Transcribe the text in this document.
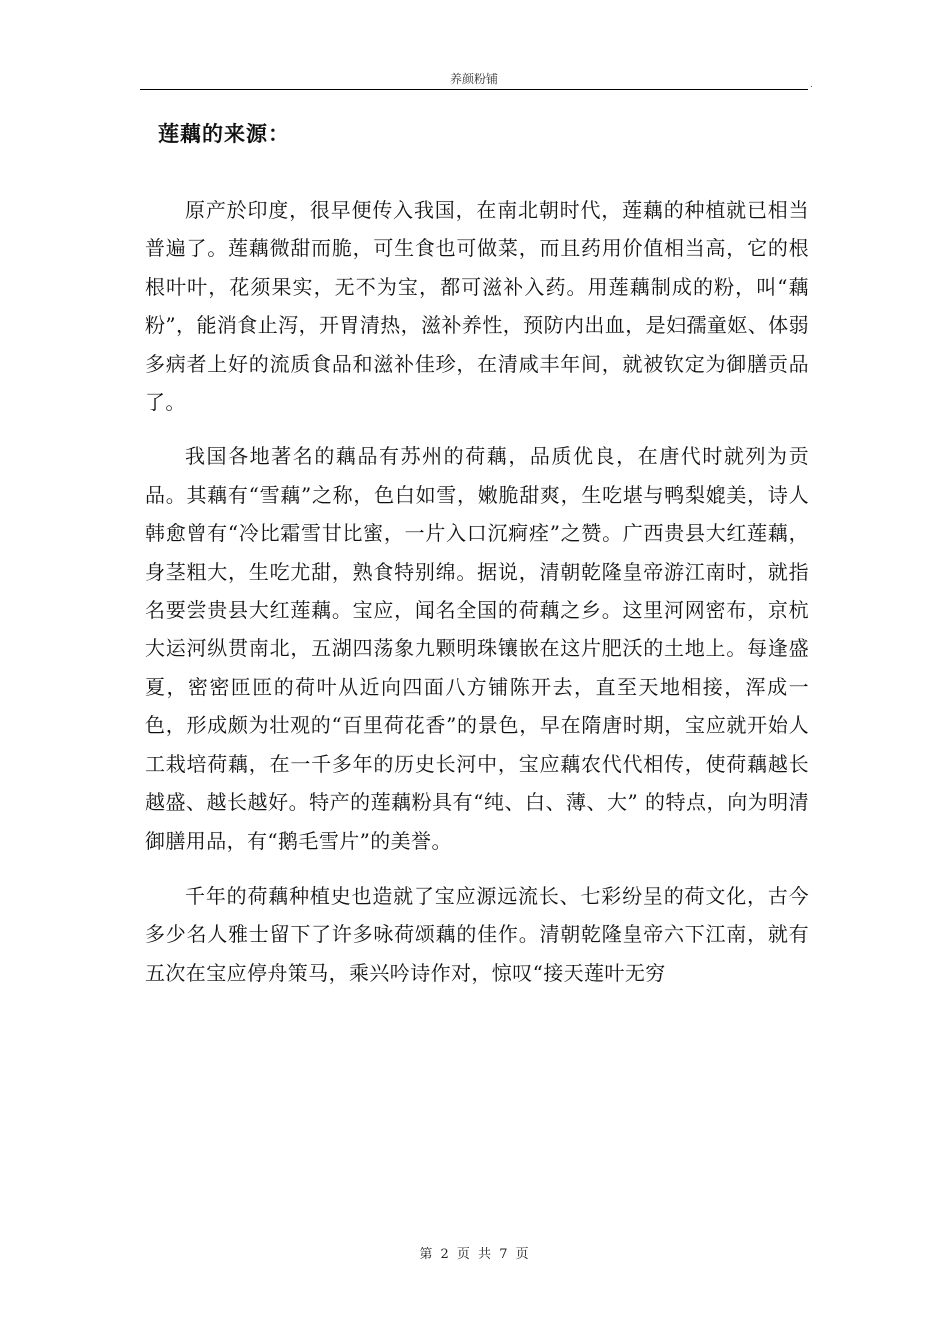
养颜粉铺	.
莲藕的来源：

原产於印度，很早便传入我国，在南北朝时代，莲藕的种植就已相当普遍了。莲藕微甜而脆，可生食也可做菜，而且药用价值相当高，它的根根叶叶，花须果实，无不为宝，都可滋补入药。用莲藕制成的粉，叫“藕粉”，能消食止泻，开胃清热，滋补养性，预防内出血，是妇孺童妪、体弱多病者上好的流质食品和滋补佳珍，在清咸丰年间，就被钦定为御膳贡品了。

我国各地著名的藕品有苏州的荷藕，品质优良，在唐代时就列为贡品。其藕有“雪藕”之称，色白如雪，嫩脆甜爽，生吃堪与鸭梨媲美，诗人韩愈曾有“冷比霜雪甘比蜜，一片入口沉痾痊”之赞。广西贵县大红莲藕，身茎粗大，生吃尤甜，熟食特别绵。据说，清朝乾隆皇帝游江南时，就指名要尝贵县大红莲藕。宝应，闻名全国的荷藕之乡。这里河网密布，京杭大运河纵贯南北，五湖四荡象九颗明珠镶嵌在这片肥沃的土地上。每逢盛夏，密密匝匝的荷叶从近向四面八方铺陈开去，直至天地相接，浑成一色，形成颇为壮观的“百里荷花香”的景色，早在隋唐时期，宝应就开始人工栽培荷藕，在一千多年的历史长河中，宝应藕农代代相传，使荷藕越长越盛、越长越好。特产的莲藕粉具有“纯、白、薄、大” 的特点，向为明清御膳用品，有“鹅毛雪片”的美誉。

千年的荷藕种植史也造就了宝应源远流长、七彩纷呈的荷文化，古今多少名人雅士留下了许多咏荷颂藕的佳作。清朝乾隆皇帝六下江南，就有五次在宝应停舟策马，乘兴吟诗作对，惊叹“接天莲叶无穷

第 2 页 共 7 页
